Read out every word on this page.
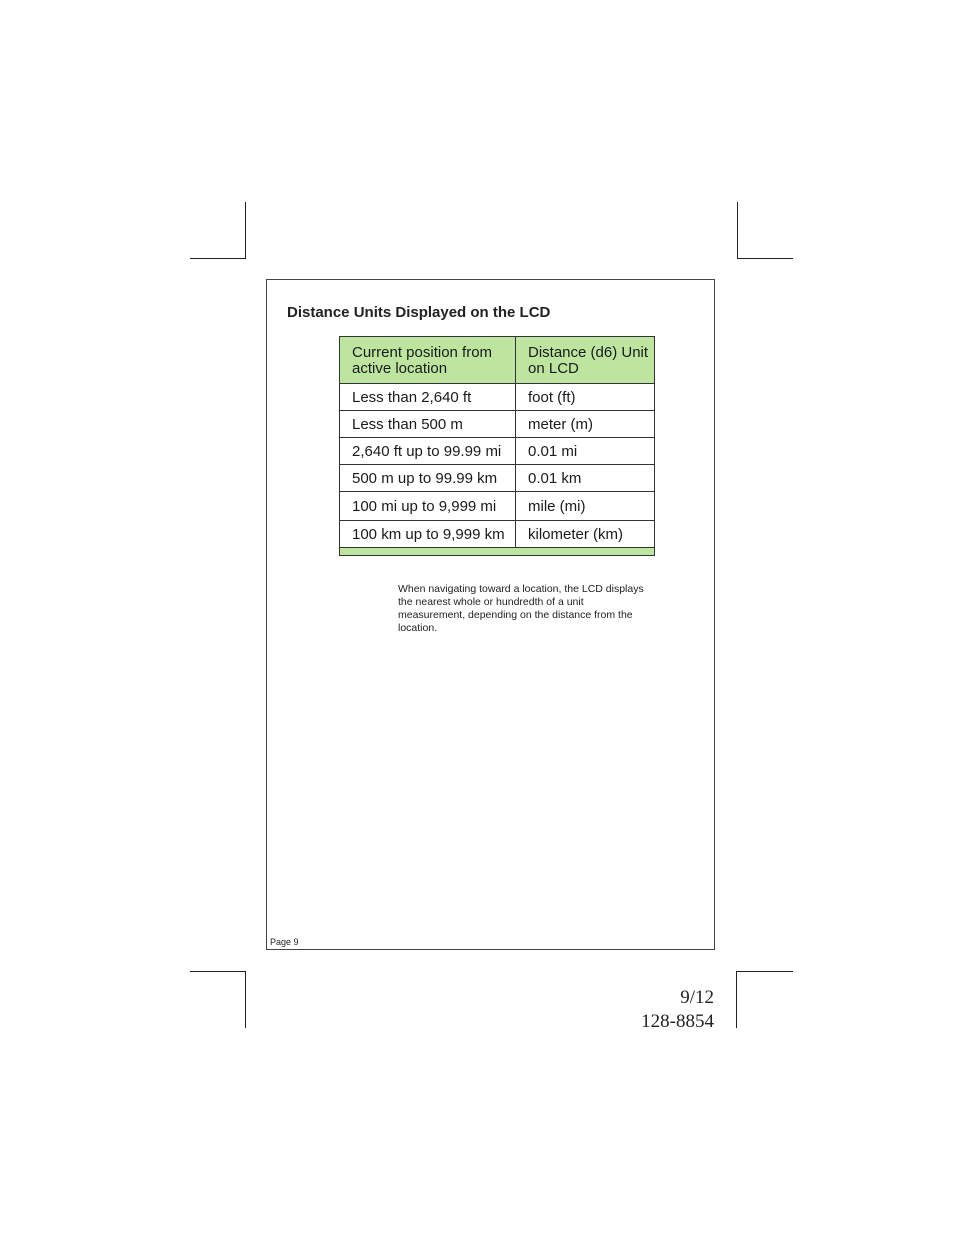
Distance Units Displayed on the LCD
Current position from active location	Distance (d6) Unit on LCD
Less than 2,640 ft	foot (ft)
Less than 500 m	meter (m)
2,640 ft up to 99.99 mi	0.01 mi
500 m up to 99.99 km	0.01 km
100 mi up to 9,999 mi	mile (mi)
100 km up to 9,999 km	kilometer (km)

When navigating toward a location, the LCD displays the nearest whole or hundredth of a unit measurement, depending on the distance from the location.

Page 9
9/12
128-8854
